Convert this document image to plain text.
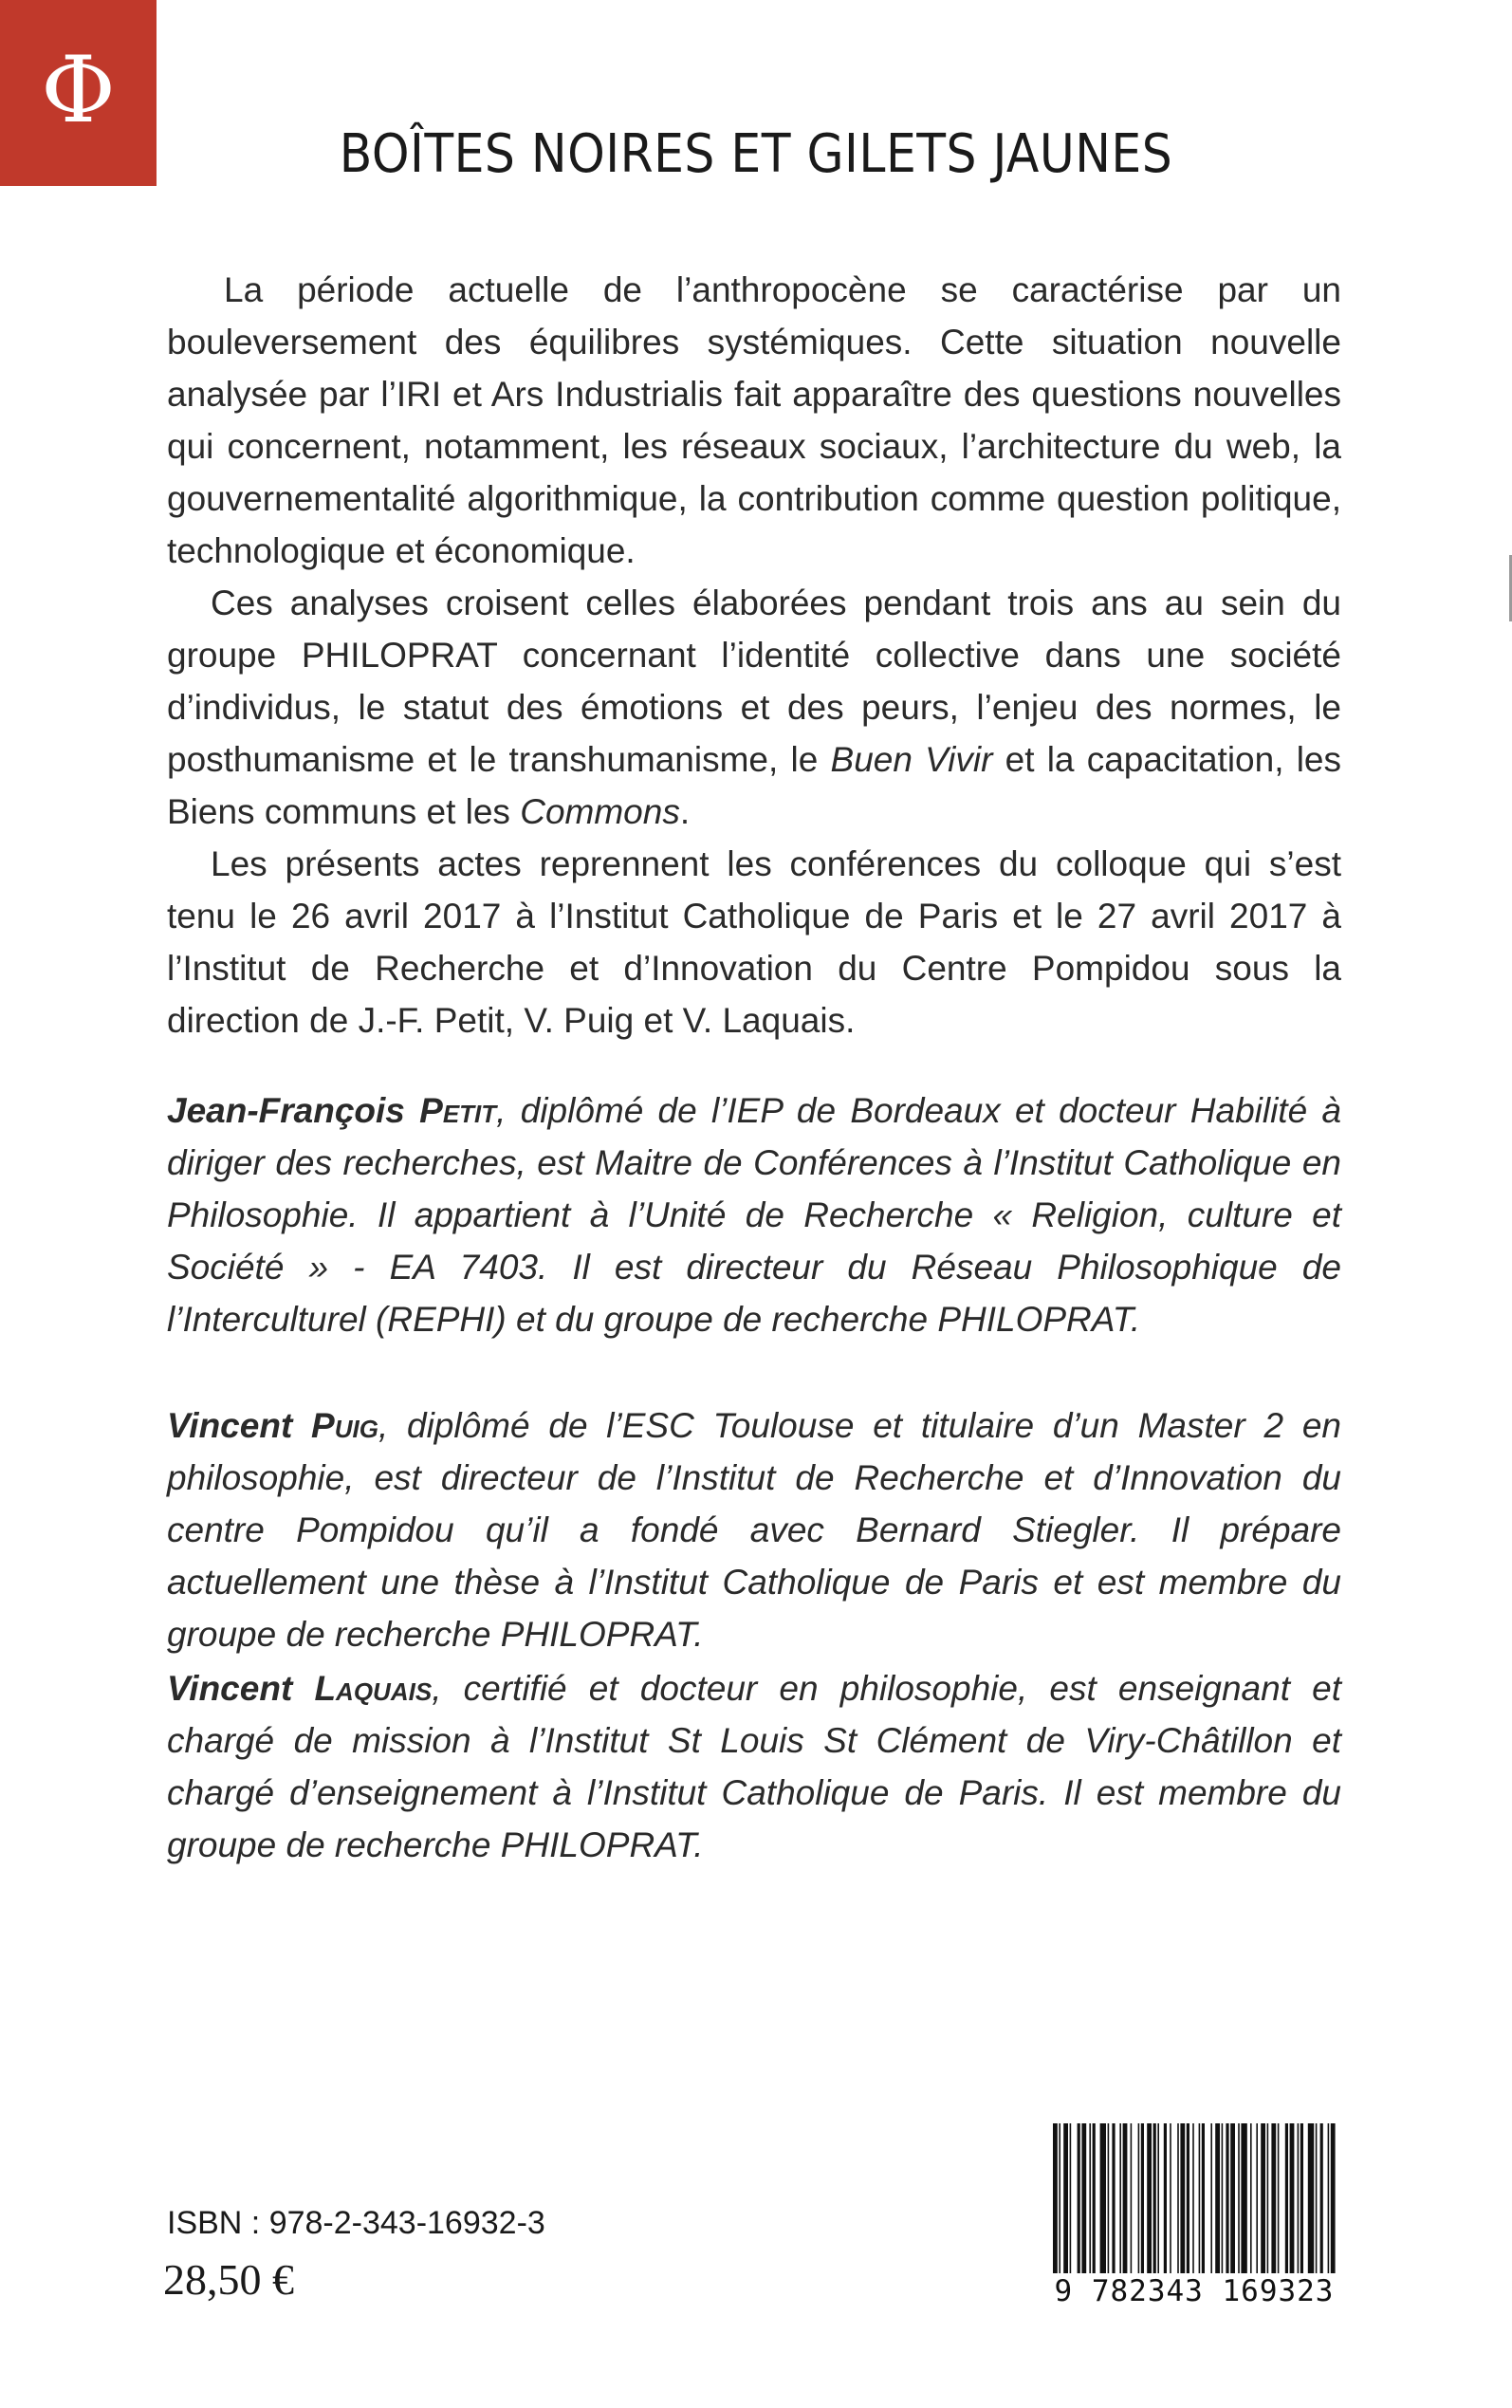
Φ
BOÎTES NOIRES ET GILETS JAUNES

La période actuelle de l’anthropocène se caractérise par un bouleversement des équilibres systémiques. Cette situation nouvelle analysée par l’IRI et Ars Industrialis fait apparaître des questions nouvelles qui concernent, notamment, les réseaux sociaux, l’architecture du web, la gouvernementalité algorithmique, la contribution comme question politique, technologique et économique.

Ces analyses croisent celles élaborées pendant trois ans au sein du groupe PHILOPRAT concernant l’identité collective dans une société d’individus, le statut des émotions et des peurs, l’enjeu des normes, le posthumanisme et le transhumanisme, le Buen Vivir et la capacitation, les Biens communs et les Commons.

Les présents actes reprennent les conférences du colloque qui s’est tenu le 26 avril 2017 à l’Institut Catholique de Paris et le 27 avril 2017 à l’Institut de Recherche et d’Innovation du Centre Pompidou sous la direction de J.-F. Petit, V. Puig et V. Laquais.

Jean-François Petit, diplômé de l’IEP de Bordeaux et docteur Habilité à diriger des recherches, est Maitre de Conférences à l’Institut Catholique en Philosophie. Il appartient à l’Unité de Recherche « Religion, culture et Société » - EA 7403. Il est directeur du Réseau Philosophique de l’Interculturel (REPHI) et du groupe de recherche PHILOPRAT.
Vincent Puig, diplômé de l’ESC Toulouse et titulaire d’un Master 2 en philosophie, est directeur de l’Institut de Recherche et d’Innovation du centre Pompidou qu’il a fondé avec Bernard Stiegler. Il prépare actuellement une thèse à l’Institut Catholique de Paris et est membre du groupe de recherche PHILOPRAT.
Vincent Laquais, certifié et docteur en philosophie, est enseignant et chargé de mission à l’Institut St Louis St Clément de Viry-Châtillon et chargé d’enseignement à l’Institut Catholique de Paris. Il est membre du groupe de recherche PHILOPRAT.
ISBN : 978-2-343-16932-3
28,50 €	9 782343 169323
